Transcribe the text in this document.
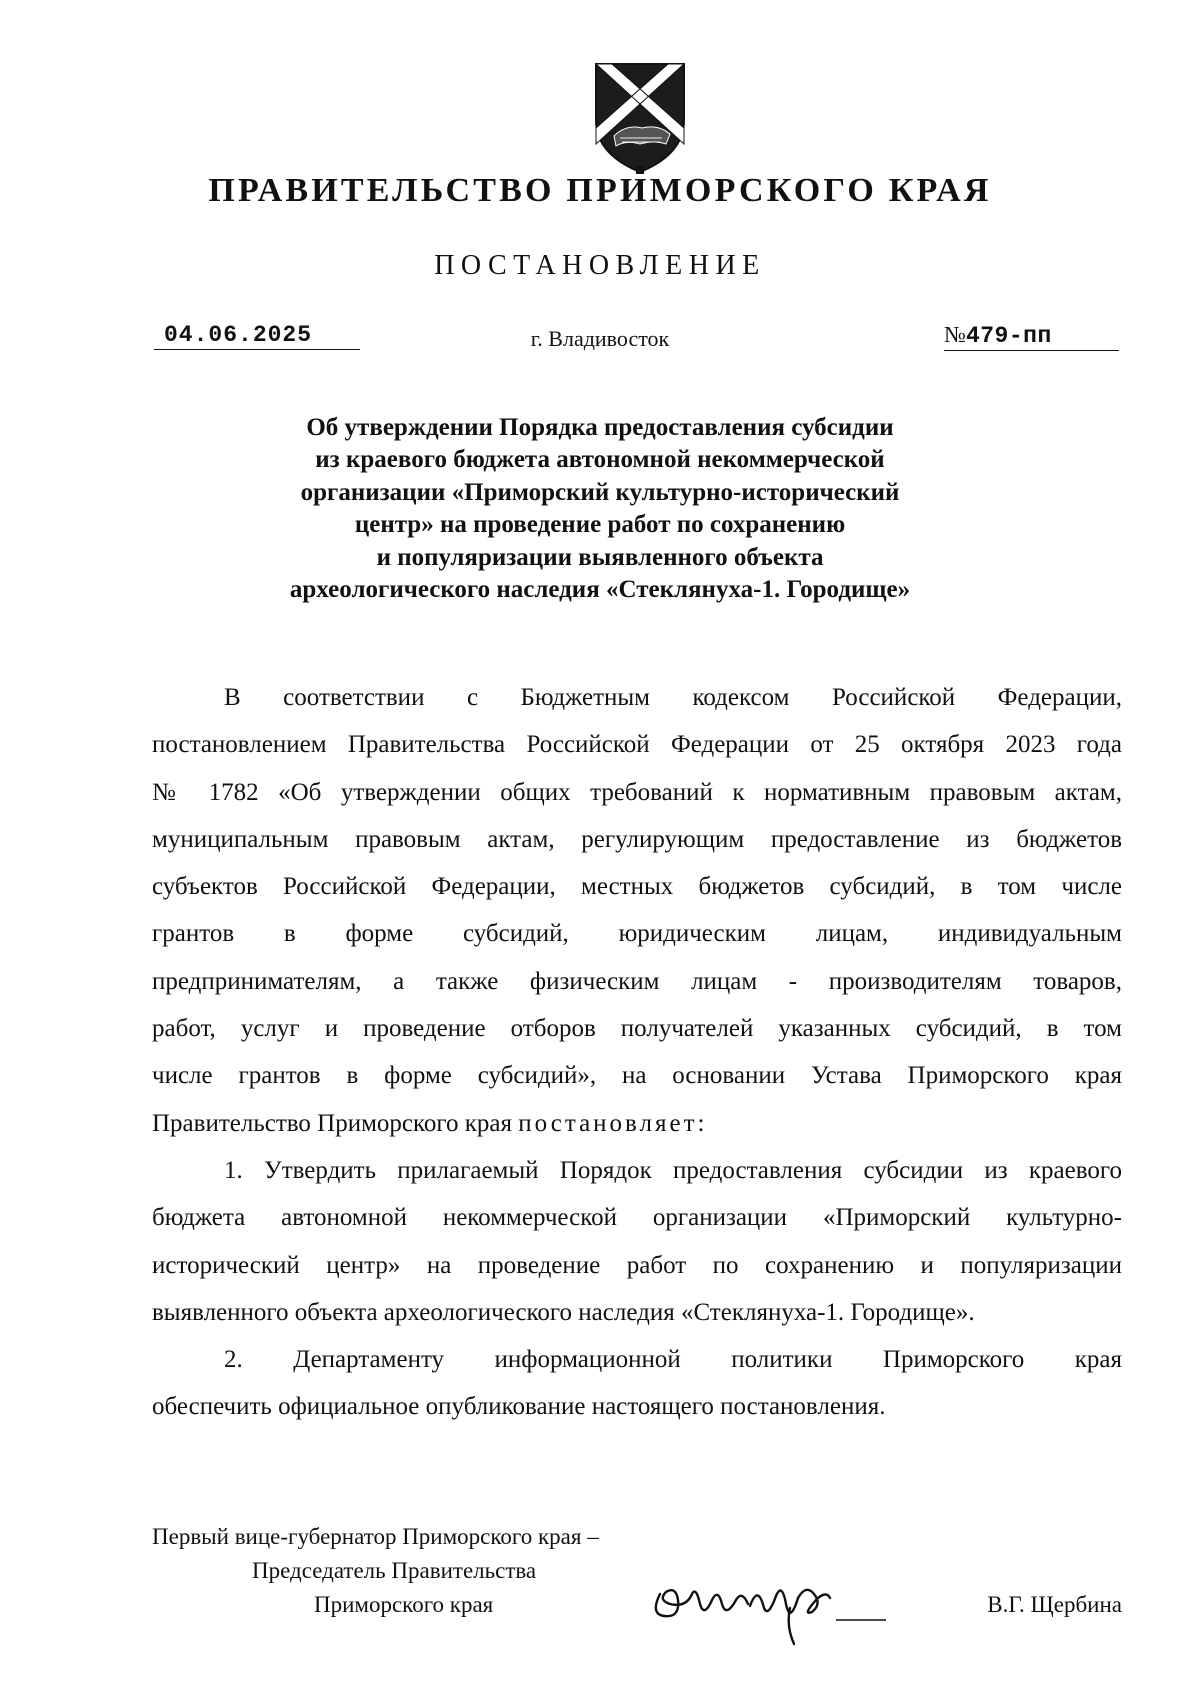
ПРАВИТЕЛЬСТВО ПРИМОРСКОГО КРАЯ
ПОСТАНОВЛЕНИЕ
04.06.2025	г. Владивосток	№479-пп
Об утверждении Порядка предоставления субсидии
из краевого бюджета автономной некоммерческой
организации «Приморский культурно-исторический
центр» на проведение работ по сохранению
и популяризации выявленного объекта
археологического наследия «Стеклянуха-1. Городище»
В соответствии с Бюджетным кодексом Российской Федерации,
постановлением Правительства Российской Федерации от 25 октября 2023 года
№ 1782 «Об утверждении общих требований к нормативным правовым актам,
муниципальным правовым актам, регулирующим предоставление из бюджетов
субъектов Российской Федерации, местных бюджетов субсидий, в том числе
грантов в форме субсидий, юридическим лицам, индивидуальным
предпринимателям, а также физическим лицам - производителям товаров,
работ, услуг и проведение отборов получателей указанных субсидий, в том
числе грантов в форме субсидий», на основании Устава Приморского края
Правительство Приморского края постановляет:
1. Утвердить прилагаемый Порядок предоставления субсидии из краевого
бюджета автономной некоммерческой организации «Приморский культурно-
исторический центр» на проведение работ по сохранению и популяризации
выявленного объекта археологического наследия «Стеклянуха-1. Городище».
2. Департаменту информационной политики Приморского края
обеспечить официальное опубликование настоящего постановления.
Первый вице-губернатор Приморского края –
Председатель Правительства
Приморского края	В.Г. Щербина
